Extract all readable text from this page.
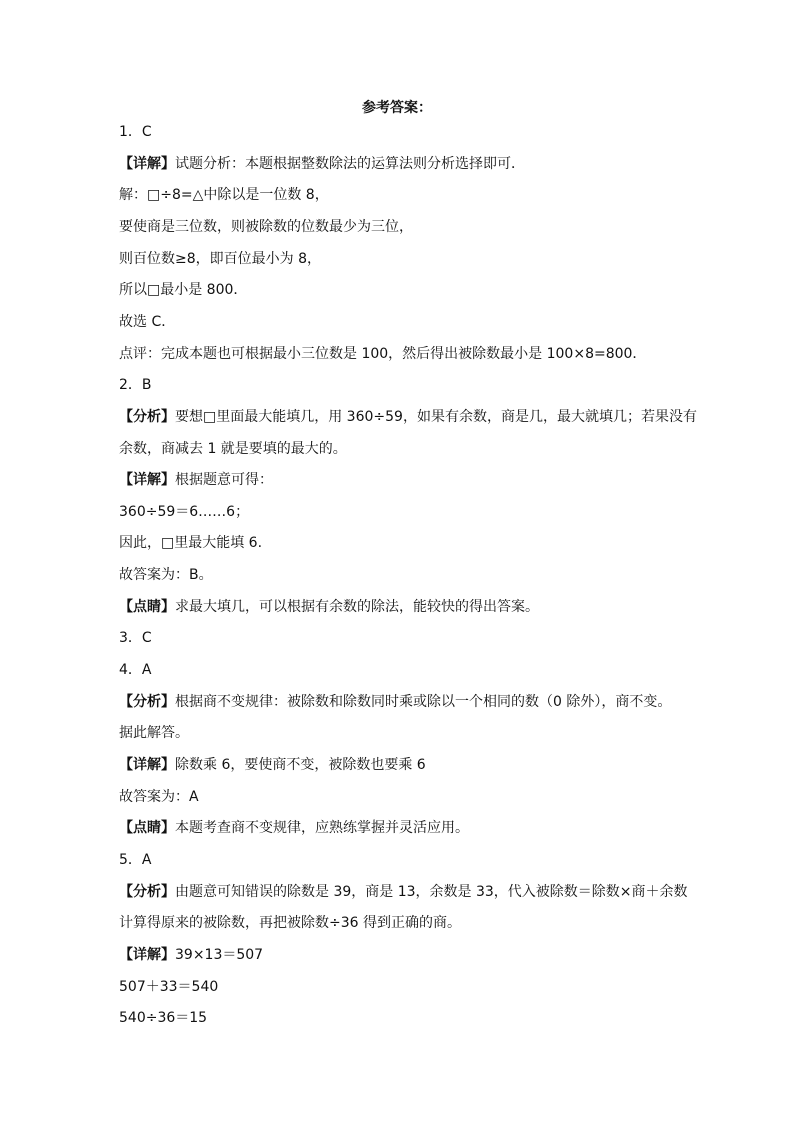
参考答案：
1．C
【详解】试题分析：本题根据整数除法的运算法则分析选择即可．
解：□÷8=△中除以是一位数 8，
要使商是三位数，则被除数的位数最少为三位，
则百位数≥8，即百位最小为 8，
所以□最小是 800．
故选 C．
点评：完成本题也可根据最小三位数是 100，然后得出被除数最小是 100×8=800．
2．B
【分析】要想□里面最大能填几，用 360÷59，如果有余数，商是几，最大就填几；若果没有
余数，商减去 1 就是要填的最大的。
【详解】根据题意可得：
360÷59＝6……6；
因此，□里最大能填 6.
故答案为：B。
【点睛】求最大填几，可以根据有余数的除法，能较快的得出答案。
3．C
4．A
【分析】根据商不变规律：被除数和除数同时乘或除以一个相同的数（0 除外），商不变。
据此解答。
【详解】除数乘 6，要使商不变，被除数也要乘 6
故答案为：A
【点睛】本题考查商不变规律，应熟练掌握并灵活应用。
5．A
【分析】由题意可知错误的除数是 39，商是 13，余数是 33，代入被除数＝除数×商＋余数
计算得原来的被除数，再把被除数÷36 得到正确的商。
【详解】39×13＝507
507＋33＝540
540÷36＝15
